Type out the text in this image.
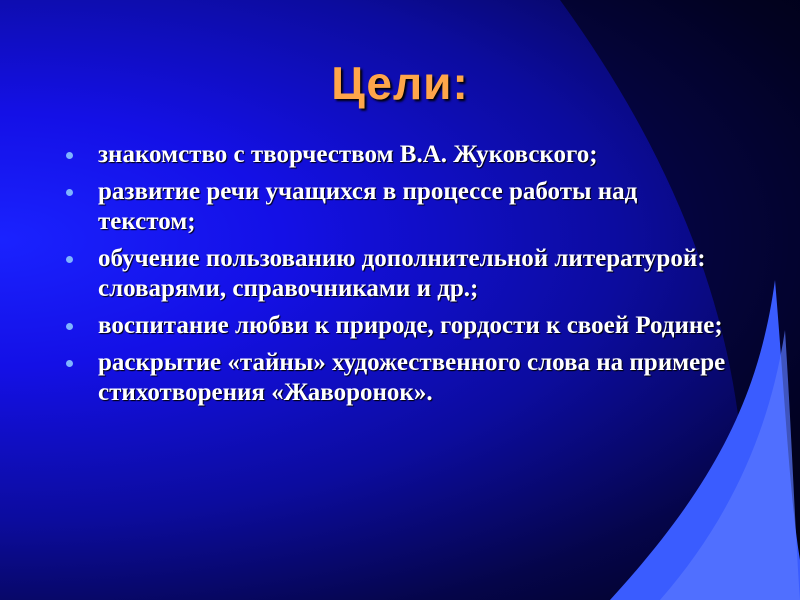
Цели:
знакомство с творчеством В.А. Жуковского;
развитие речи учащихся в процессе работы над текстом;
обучение пользованию дополнительной литературой: словарями, справочниками и др.;
воспитание любви к природе, гордости к своей Родине;
раскрытие «тайны» художественного слова на примере стихотворения «Жаворонок».
